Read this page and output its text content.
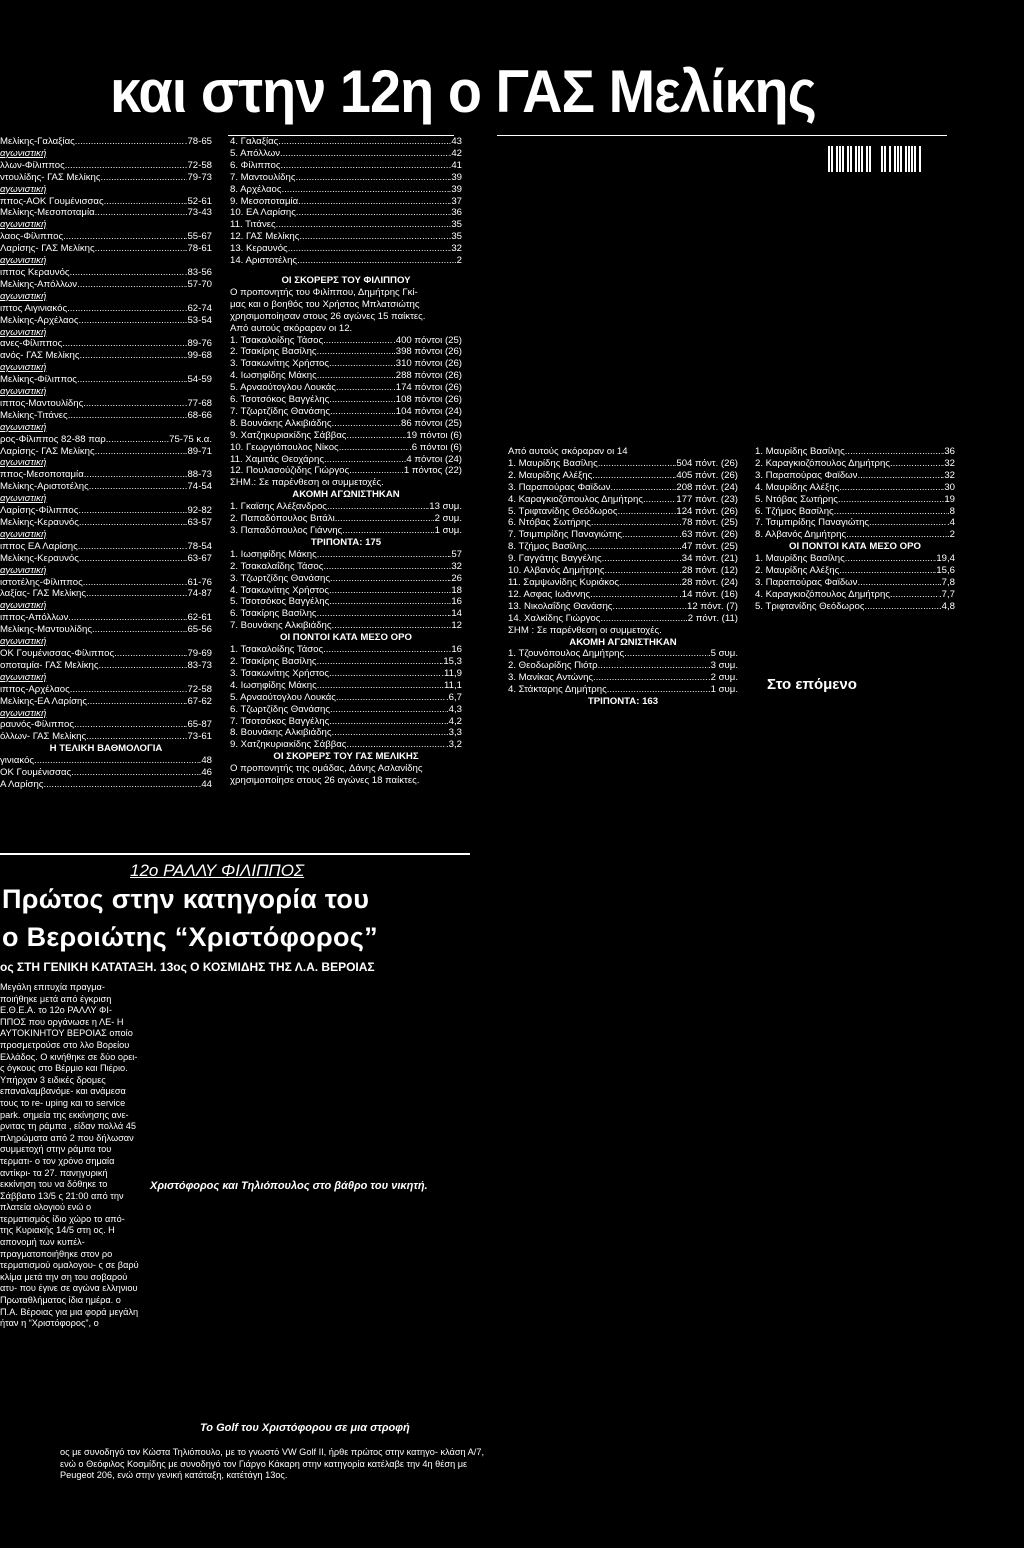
και στην 12η ο ΓΑΣ Μελίκης
Μελίκης-Γαλαξίας .....	.78-65
αγωνιστική
λλων-Φίλιππος .....	.72-58
ντουλίδης- ΓΑΣ Μελίκης .....	79-73
αγωνιστική
ππος-ΑΟΚ Γουμένισσας .....	.52-61
Μελίκης-Μεσοποταμία .....	73-43
αγωνιστική
λαος-Φίλιππος .....	.55-67
Λαρίσης- ΓΑΣ Μελίκης .....	.78-61
αγωνιστική
ιππος Κεραυνός .....	.83-56
Μελίκης-Απόλλων .....	.57-70
αγωνιστική
ιπτος Αιγινιακός .....	.62-74
Μελίκης-Αρχέλαος .....	.53-54
αγωνιστική
ανες-Φίλιππος .....	.89-76
ανός- ΓΑΣ Μελίκης .....	.99-68
αγωνιστική
Μελίκης-Φίλιππος .....	.54-59
αγωνιστική
ιππος-Μαντουλίδης .....	.77-68
Μελίκης-Τιτάνες .....	.68-66
αγωνιστική
ρος-Φίλιππος 82-88 παρ. .....	...75-75 κ.α.
Λαρίσης- ΓΑΣ Μελίκης .....	.89-71
αγωνιστική
ππος-Μεσοποταμία .....	.88-73
Μελίκης-Αριστοτέλης .....	.74-54
αγωνιστική
Λαρίσης-Φίλιππος .....	.92-82
Μελίκης-Κεραυνός .....	.63-57
αγωνιστική
ιππος ΕΑ Λαρίσης .....	.78-54
Μελίκης-Κεραυνός .....	.63-67
αγωνιστική
ιστοτέλης-Φίλιππος .....	.61-76
λαξίας- ΓΑΣ Μελίκης .....	.74-87
αγωνιστική
ιππος-Απόλλων .....	.62-61
Μελίκης-Μαντουλίδης .....	.65-56
αγωνιστική
ΟΚ Γουμένισσας-Φίλιππος .....	.79-69
οποταμία- ΓΑΣ Μελίκης .....	.83-73
αγωνιστική
ιππος-Αρχέλαος .....	.72-58
Μελίκης-ΕΑ Λαρίσης .....	.67-62
αγωνιστική
ραυνός-Φίλιππος .....	.65-87
όλλων- ΓΑΣ Μελίκης .....	.73-61
Η ΤΕΛΙΚΗ ΒΑΘΜΟΛΟΓΙΑ
γινιακός .....	.48
ΟΚ Γουμένισσας .....	.46
Α Λαρίσης .....	.44
4. Γαλαξίας .....	.43
5. Απόλλων .....	.42
6. Φίλιππος .....	.41
7. Μαντουλίδης .....	.39
8. Αρχέλαος .....	.39
9. Μεσοποταμία .....	.37
10. ΕΑ Λαρίσης .....	.36
11. Τιτάνες .....	.35
12. ΓΑΣ Μελίκης .....	.35
13. Κεραυνός .....	.32
14. Αριστοτέλης .....	.2
ΟΙ ΣΚΟΡΕΡΣ ΤΟΥ ΦΙΛΙΠΠΟΥ
Ο προπονητής του Φιλίππου, Δημήτρης Γκί-
μας και ο βοηθός του Χρήστος Μπλατσιώτης
χρησιμοποίησαν στους 26 αγώνες 15 παίκτες.
Από αυτούς σκόραραν οι 12.
1. Τσακαλοίδης Τάσος .....	.400 πόντοι (25)
2. Τσακίρης Βασίλης .....	.398 πόντοι (26)
3. Τσακωνίτης Χρήστος .....	.310 πόντοι (26)
4. Ιωσηφίδης Μάκης .....	.288 πόντοι (26)
5. Αρναούτογλου Λουκάς .....	.174 πόντοι (26)
6. Τσοτσόκος Βαγγέλης .....	.108 πόντοι (26)
7. Τζωρτζίδης Θανάσης .....	.104 πόντοι (24)
8. Βουνάκης Αλκιβιάδης .....	.86 πόντοι (25)
9. Χατζηκυριακίδης Σάββας .....	.19 πόντοι (6)
10. Γεωργιόπουλος Νίκος .....	.6 πόντοι (6)
11. Χαμιτάς Θεοχάρης .....	.4 πόντοι (24)
12. Πουλασούζιδης Γιώργος .....	.1 πόντος (22)
ΣΗΜ.: Σε παρένθεση οι συμμετοχές.
ΑΚΟΜΗ ΑΓΩΝΙΣΤΗΚΑΝ
1. Γκαϊσης Αλέξανδρος .....	.13 συμ.
2. Παπαδόπουλος Βιτάλι .....	.2 συμ.
3. Παπαδόπουλος Γιάννης .....	.1 συμ.
ΤΡΙΠΟΝΤΑ: 175
1. Ιωσηφίδης Μάκης .....	.57
2. Τσακαλαΐδης Τάσος .....	.32
3. Τζωρτζίδης Θανάσης .....	.26
4. Τσακωνίτης Χρήστος .....	.18
5. Τσοτσόκος Βαγγέλης .....	.16
6. Τσακίρης Βασίλης .....	.14
7. Βουνάκης Αλκιβιάδης .....	.12
ΟΙ ΠΟΝΤΟΙ ΚΑΤΑ ΜΕΣΟ ΟΡΟ
1. Τσακαλοίδης Τάσος .....	.16
2. Τσακίρης Βασίλης .....	.15,3
3. Τσακωνίτης Χρήστος .....	.11,9
4. Ιωσηφίδης Μάκης .....	.11,1
5. Αρναούτογλου Λουκάς .....	.6,7
6. Τζωρτζίδης Θανάσης .....	.4,3
7. Τσοτσόκος Βαγγέλης .....	.4,2
8. Βουνάκης Αλκιβιάδης .....	.3,3
9. Χατζηκυριακίδης Σάββας .....	.3,2
ΟΙ ΣΚΟΡΕΡΣ ΤΟΥ ΓΑΣ ΜΕΛΙΚΗΣ
Ο προπονητής της ομάδας, Δάνης Ασλανίδης
χρησιμοποίησε στους 26 αγώνες 18 παίκτες.
Από αυτούς σκόραραν οι 14
1. Μαυρίδης Βασίλης .....	.504 πόντ. (26)
2. Μαυρίδης Αλέξης .....	.405 πόντ. (26)
3. Παραπούρας Φαϊδων .....	.208 πόντ. (24)
4. Καραγκιοζόπουλος Δημήτρης .....	177 πόντ. (23)
5. Τριφτανίδης Θεόδωρος .....	.124 πόντ. (26)
6. Ντόβας Σωτήρης .....	.78 πόντ. (25)
7. Τσιμπιρίδης Παναγιώτης .....	.63 πόντ. (26)
8. Τζήμος Βασίλης .....	.47 πόντ. (25)
9. Γαγγάτης Βαγγέλης .....	.34 πόντ. (21)
10. Αλβανός Δημήτρης .....	.28 πόντ. (12)
11. Σαμψωνίδης Κυριάκος .....	.28 πόντ. (24)
12. Ασφας Ιωάννης .....	.14 πόντ. (16)
13. Νικολαΐδης Θανάσης .....	.12 πόντ. (7)
14. Χαλκίδης Γιώργος .....	.2 πόντ. (11)
ΣΗΜ : Σε παρένθεση οι συμμετοχές.
ΑΚΟΜΗ ΑΓΩΝΙΣΤΗΚΑΝ
1. Τζουνόπουλος Δημήτρης .....	.5 συμ.
2. Θεοδωρίδης Πιότρ .....	.3 συμ.
3. Μανίκας Αντώνης .....	.2 συμ.
4. Στάκταρης Δημήτρης .....	.1 συμ.
ΤΡΙΠΟΝΤΑ: 163
1. Μαυρίδης Βασίλης .....	.36
2. Καραγκιοζόπουλος Δημήτρης .....	.32
3. Παραπούρας Φαϊδων .....	.32
4. Μαυρίδης Αλέξης .....	.30
5. Ντόβας Σωτήρης .....	.19
6. Τζήμος Βασίλης .....	.8
7. Τσιμπιρίδης Παναγιώτης .....	.4
8. Αλβανός Δημήτρης .....	.2
ΟΙ ΠΟΝΤΟΙ ΚΑΤΑ ΜΕΣΟ ΟΡΟ
1. Μαυρίδης Βασίλης .....	.19,4
2. Μαυρίδης Αλέξης .....	.15,6
3. Παραπούρας Φαϊδων .....	.7,8
4. Καραγκιοζόπουλος Δημήτρης .....	.7,7
5. Τριφτανίδης Θεόδωρος .....	.4,8
Στο επόμενο
12ο ΡΑΛΛΥ ΦΙΛΙΠΠΟΣ
Πρώτος στην κατηγορία του
ο Βεροιώτης “Χριστόφορος”
ος ΣΤΗ ΓΕΝΙΚΗ ΚΑΤΑΤΑΞΗ. 13ος Ο ΚΟΣΜΙΔΗΣ ΤΗΣ Λ.Α. ΒΕΡΟΙΑΣ
Μεγάλη επιτυχία πραγμα- ποιήθηκε μετά από έγκριση Ε.Θ.Ε.Α. το 12ο ΡΑΛΛΥ ΦΙ- ΠΠΟΣ που οργάνωσε η ΛΕ- Η ΑΥΤΟΚΙΝΗΤΟΥ ΒΕΡΟΙΑΣ οποίο προσμετρούσε στο λλο Βορείου Ελλάδος. Ο κινήθηκε σε δύο ορει- ς όγκους στο Βέρμιο και Πιέριο. Υπήρχαν 3 ειδικές δρομες επαναλαμβανόμε- και ανάμεσα τους το re- uping και το service park. σημεία της εκκίνησης ανε- ρνιτας τη ράμπα , είδαν πολλά 45 πληρώματα από 2 που δήλωσαν συμμετοχή στην ράμπα του τερματι- ο τον χρόνο σημαία αντίκρι- τα 27. πανηγυρική εκκίνηση του να δόθηκε το Σάββατο 13/5 ς 21:00 από την πλατεία ολογιού ενώ ο τερματισμός ίδιο χώρο το από- της Κυριακής 14/5 στη ος. Η απονομή των κυπέλ- πραγματοποιήθηκε στον ρο τερματισμού ομαλογου- ς σε βαρύ κλίμα μετά την ση του σοβαρού ατυ- που έγινε σε αγώνα ελληνιου Πρωταθλήματος ίδια ημέρα. ο Π.Α. Βέροιας για μια φορά μεγάλη ήταν η “Χριστόφορος”, ο
Χριστόφορος και Τηλιόπουλος στο βάθρο του νικητή.
Το Golf του Χριστόφορου σε μια στροφή
ος με συνοδηγό τον Κώστα Τηλιόπουλο, με το γνωστό VW Golf II, ήρθε πρώτος στην κατηγο- κλάση Α/7, ενώ ο Θεόφιλος Κοσμίδης με συνοδηγό τον Γιάργο Κάκαρη στην κατηγορία κατέλαβε την 4η θέση με Peugeot 206, ενώ στην γενική κατάταξη, κατέτάγη 13ος.
